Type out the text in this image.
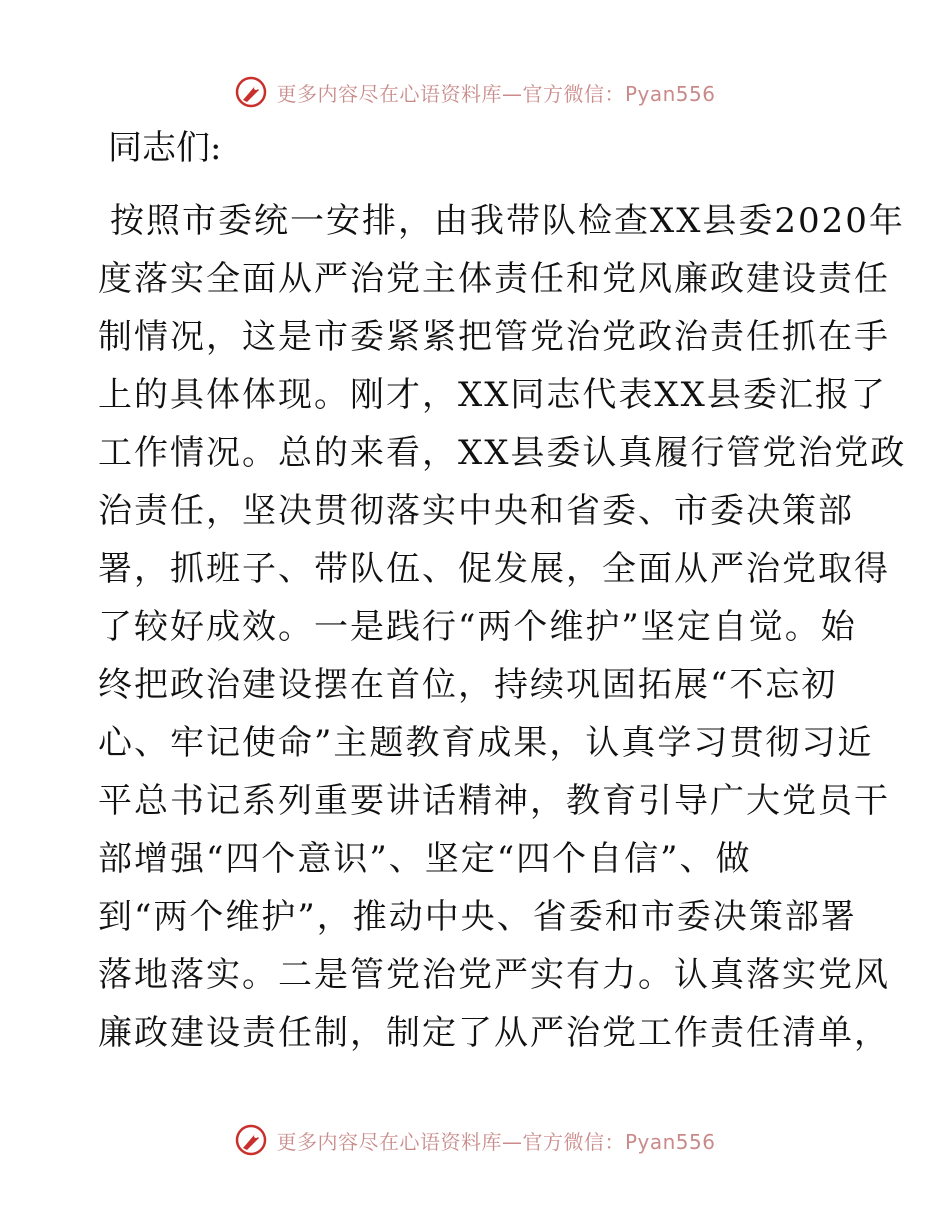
更多内容尽在心语资料库—官方微信：Pyan556
同志们:
按照市委统一安排，由我带队检查XX县委2020年
度落实全面从严治党主体责任和党风廉政建设责任
制情况，这是市委紧紧把管党治党政治责任抓在手
上的具体体现。刚才，XX同志代表XX县委汇报了
工作情况。总的来看，XX县委认真履行管党治党政
治责任，坚决贯彻落实中央和省委、市委决策部
署，抓班子、带队伍、促发展，全面从严治党取得
了较好成效。一是践行“两个维护”坚定自觉。始
终把政治建设摆在首位，持续巩固拓展“不忘初
心、牢记使命”主题教育成果，认真学习贯彻习近
平总书记系列重要讲话精神，教育引导广大党员干
部增强“四个意识”、坚定“四个自信”、做
到“两个维护”，推动中央、省委和市委决策部署
落地落实。二是管党治党严实有力。认真落实党风
廉政建设责任制，制定了从严治党工作责任清单，
更多内容尽在心语资料库—官方微信：Pyan556
